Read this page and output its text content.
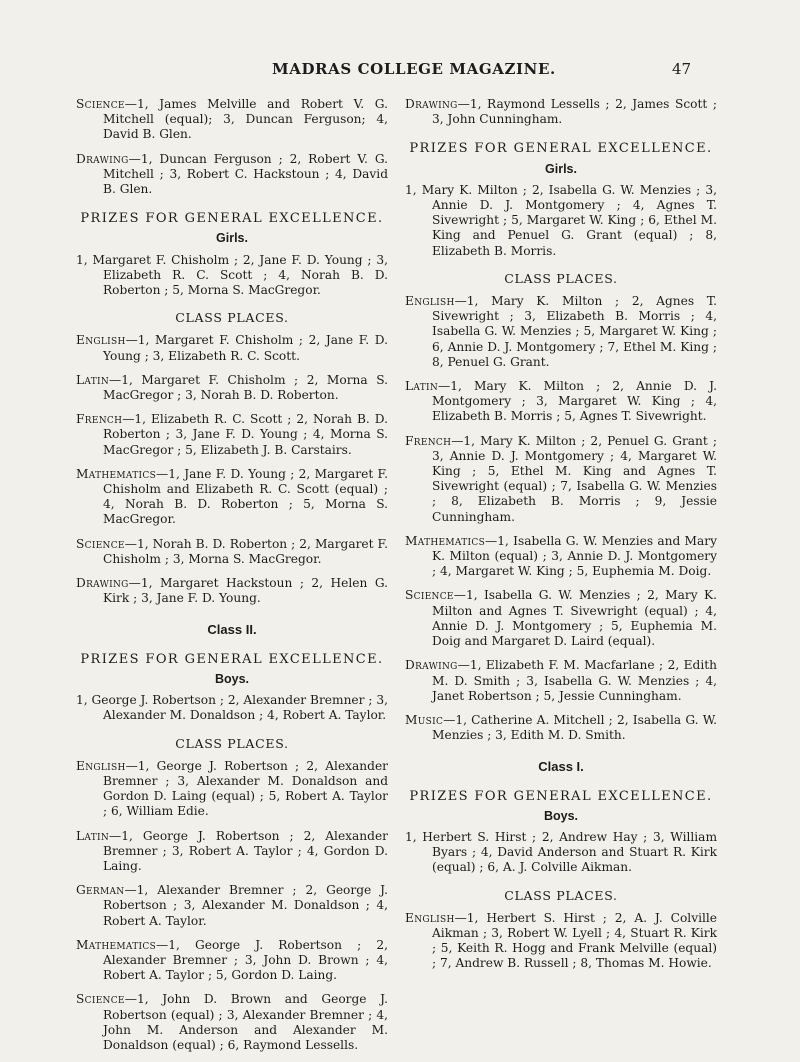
MADRAS COLLEGE MAGAZINE.	47

Science—1, James Melville and Robert V. G. Mitchell (equal); 3, Duncan Ferguson; 4, David B. Glen.

Drawing—1, Duncan Ferguson ; 2, Robert V. G. Mitchell ; 3, Robert C. Hackstoun ; 4, David B. Glen.

PRIZES FOR GENERAL EXCELLENCE.
Girls.

1, Margaret F. Chisholm ; 2, Jane F. D. Young ; 3, Elizabeth R. C. Scott ; 4, Norah B. D. Roberton ; 5, Morna S. MacGregor.

CLASS PLACES.

English—1, Margaret F. Chisholm ; 2, Jane F. D. Young ; 3, Elizabeth R. C. Scott.

Latin—1, Margaret F. Chisholm ; 2, Morna S. MacGregor ; 3, Norah B. D. Roberton.

French—1, Elizabeth R. C. Scott ; 2, Norah B. D. Roberton ; 3, Jane F. D. Young ; 4, Morna S. MacGregor ; 5, Elizabeth J. B. Carstairs.

Mathematics—1, Jane F. D. Young ; 2, Margaret F. Chisholm and Elizabeth R. C. Scott (equal) ; 4, Norah B. D. Roberton ; 5, Morna S. MacGregor.

Science—1, Norah B. D. Roberton ; 2, Margaret F. Chisholm ; 3, Morna S. MacGregor.

Drawing—1, Margaret Hackstoun ; 2, Helen G. Kirk ; 3, Jane F. D. Young.

Class II.
PRIZES FOR GENERAL EXCELLENCE.
Boys.

1, George J. Robertson ; 2, Alexander Bremner ; 3, Alexander M. Donaldson ; 4, Robert A. Taylor.

CLASS PLACES.

English—1, George J. Robertson ; 2, Alexander Bremner ; 3, Alexander M. Donaldson and Gordon D. Laing (equal) ; 5, Robert A. Taylor ; 6, William Edie.

Latin—1, George J. Robertson ; 2, Alexander Bremner ; 3, Robert A. Taylor ; 4, Gordon D. Laing.

German—1, Alexander Bremner ; 2, George J. Robertson ; 3, Alexander M. Donaldson ; 4, Robert A. Taylor.

Mathematics—1, George J. Robertson ; 2, Alexander Bremner ; 3, John D. Brown ; 4, Robert A. Taylor ; 5, Gordon D. Laing.

Science—1, John D. Brown and George J. Robertson (equal) ; 3, Alexander Bremner ; 4, John M. Anderson and Alexander M. Donaldson (equal) ; 6, Raymond Lessells.

Drawing—1, Raymond Lessells ; 2, James Scott ; 3, John Cunningham.

PRIZES FOR GENERAL EXCELLENCE.
Girls.

1, Mary K. Milton ; 2, Isabella G. W. Menzies ; 3, Annie D. J. Montgomery ; 4, Agnes T. Sivewright ; 5, Margaret W. King ; 6, Ethel M. King and Penuel G. Grant (equal) ; 8, Elizabeth B. Morris.

CLASS PLACES.

English—1, Mary K. Milton ; 2, Agnes T. Sivewright ; 3, Elizabeth B. Morris ; 4, Isabella G. W. Menzies ; 5, Margaret W. King ; 6, Annie D. J. Montgomery ; 7, Ethel M. King ; 8, Penuel G. Grant.

Latin—1, Mary K. Milton ; 2, Annie D. J. Montgomery ; 3, Margaret W. King ; 4, Elizabeth B. Morris ; 5, Agnes T. Sivewright.

French—1, Mary K. Milton ; 2, Penuel G. Grant ; 3, Annie D. J. Montgomery ; 4, Margaret W. King ; 5, Ethel M. King and Agnes T. Sivewright (equal) ; 7, Isabella G. W. Menzies ; 8, Elizabeth B. Morris ; 9, Jessie Cunningham.

Mathematics—1, Isabella G. W. Menzies and Mary K. Milton (equal) ; 3, Annie D. J. Montgomery ; 4, Margaret W. King ; 5, Euphemia M. Doig.

Science—1, Isabella G. W. Menzies ; 2, Mary K. Milton and Agnes T. Sivewright (equal) ; 4, Annie D. J. Montgomery ; 5, Euphemia M. Doig and Margaret D. Laird (equal).

Drawing—1, Elizabeth F. M. Macfarlane ; 2, Edith M. D. Smith ; 3, Isabella G. W. Menzies ; 4, Janet Robertson ; 5, Jessie Cunningham.

Music—1, Catherine A. Mitchell ; 2, Isabella G. W. Menzies ; 3, Edith M. D. Smith.

Class I.
PRIZES FOR GENERAL EXCELLENCE.
Boys.

1, Herbert S. Hirst ; 2, Andrew Hay ; 3, William Byars ; 4, David Anderson and Stuart R. Kirk (equal) ; 6, A. J. Colville Aikman.

CLASS PLACES.

English—1, Herbert S. Hirst ; 2, A. J. Colville Aikman ; 3, Robert W. Lyell ; 4, Stuart R. Kirk ; 5, Keith R. Hogg and Frank Melville (equal) ; 7, Andrew B. Russell ; 8, Thomas M. Howie.
